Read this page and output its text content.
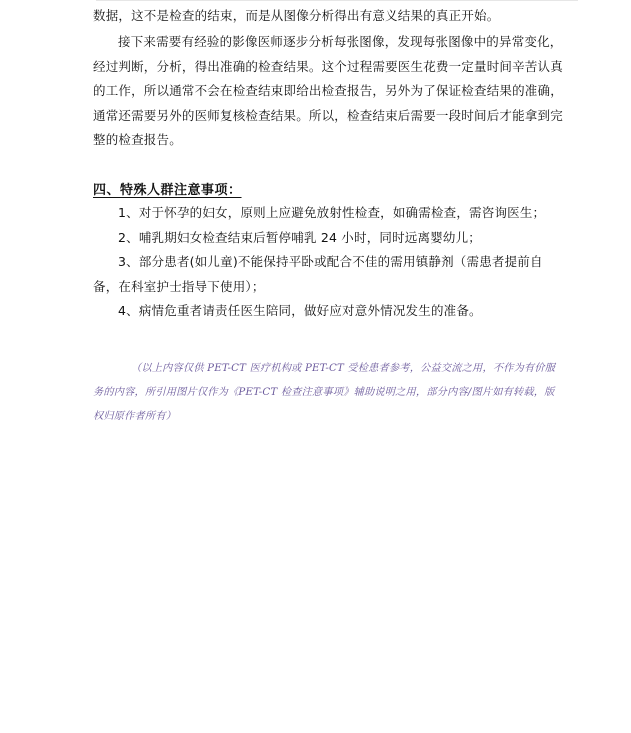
数据，这不是检查的结束，而是从图像分析得出有意义结果的真正开始。
接下来需要有经验的影像医师逐步分析每张图像，发现每张图像中的异常变化，经过判断，分析，得出准确的检查结果。这个过程需要医生花费一定量时间辛苦认真的工作，所以通常不会在检查结束即给出检查报告，另外为了保证检查结果的准确，通常还需要另外的医师复核检查结果。所以，检查结束后需要一段时间后才能拿到完整的检查报告。
四、特殊人群注意事项：

1、对于怀孕的妇女，原则上应避免放射性检查，如确需检查，需咨询医生；

2、哺乳期妇女检查结束后暂停哺乳 24 小时，同时远离婴幼儿；

3、部分患者(如儿童)不能保持平卧或配合不佳的需用镇静剂（需患者提前自备，在科室护士指导下使用）；

4、病情危重者请责任医生陪同，做好应对意外情况发生的准备。

（以上内容仅供 PET-CT 医疗机构或 PET-CT 受检患者参考，公益交流之用，不作为有价服务的内容，所引用图片仅作为《PET-CT 检查注意事项》辅助说明之用，部分内容/图片如有转载，版权归原作者所有）
